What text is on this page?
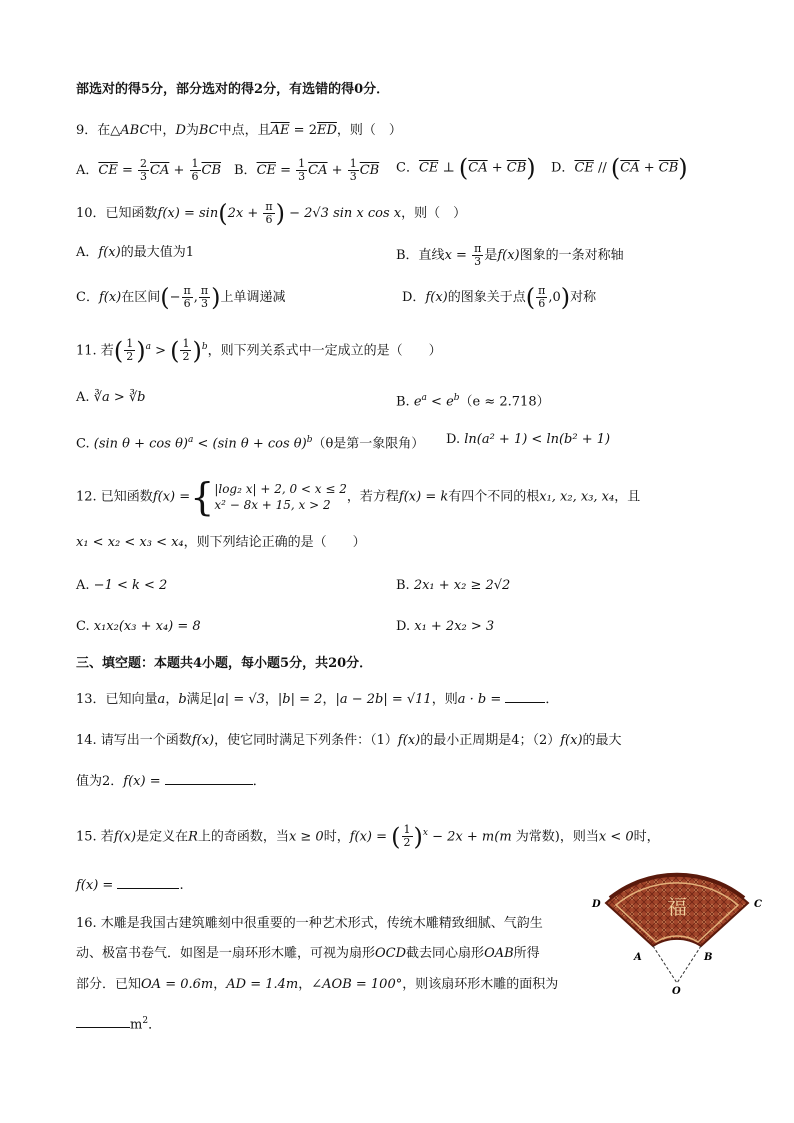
部选对的得5分，部分选对的得2分，有选错的得0分．
9．在△ABC中，D为BC中点，且$\overline{AE} = 2\overline{ED}$，则（　）
A．$\overline{CE} = \frac{2}{3} \overline{CA} + \frac{1}{6} \overline{CB}$ B．$\overline{CE} = \frac{1}{3} \overline{CA} + \frac{1}{3} \overline{CB}$ C．$\overline{CE}$ ⊥ $(\overline{CA} + \overline{CB})$ D．$\overline{CE} // (\overline{CA} + \overline{CB})$
10．已知函数$f(x) = \sin(2x + \frac{\pi}{6}$ ) − 2√3 sin x cos x，则（　）
A．f(x)的最大值为1	B．直线$x = \frac{\pi}{3}$ 是f(x)图象的一条对称轴
C．f(x)在区间(− $\frac{\pi}{6}$ , $\frac{\pi}{3}$ )上单调递减	D．f(x)的图象关于点( $\frac{\pi}{6} ,0$)对称
11. 若( $\frac{1}{2} )^a$ > ( $\frac{1}{2} )^b$，则下列关系式中一定成立的是（　　）
A. ∛a > ∛b	B. $e^a < e^b(e \approx 2.718)$
C. (sin θ + cos θ)$^a$ < (sin θ + cos θ)$^b$（θ是第一象限角） D. ln(a² + 1) < ln(b² + 1)
12. 已知函数f(x) ={ |log₂ x| + 2, 0 < x ≤ 2
x² − 8x + 15, x > 2
，若方程f(x) = k有四个不同的根x₁, x₂, x₃, x₄，且
x₁ < x₂ < x₃ < x₄，则下列结论正确的是（　　）
A. −1 < k < 2	B. 2x₁ + x₂ ≥ 2√2
C. x₁x₂(x₃ + x₄) = 8	D. x₁ + 2x₂ > 3
三、填空题：本题共4小题，每小题5分，共20分．
13．已知向量a，b满足|a| = √3，|b| = 2，|a − 2b| = √11，则a · b =	．
14. 请写出一个函数f(x)，使它同时满足下列条件：（1）f(x)的最小正周期是4；（2）f(x)的最大
值为2．f(x) =	．
15. 若f(x)是定义在R上的奇函数，当x ≥ 0时，f(x) = ( $\frac{1}{2} )^x - 2x + m(m$ 为常数)，则当x < 0时，
f(x) =	.
16. 木雕是我国古建筑雕刻中很重要的一种艺术形式，传统木雕精致细腻、气韵生
动、极富书卷气．如图是一扇环形木雕，可视为扇形OCD截去同心扇形OAB所得
部分．已知OA = 0.6m，AD = 1.4m，∠AOB = 100°，则该扇环形木雕的面积为
$m^2$．
福
D	C
A	B
O
